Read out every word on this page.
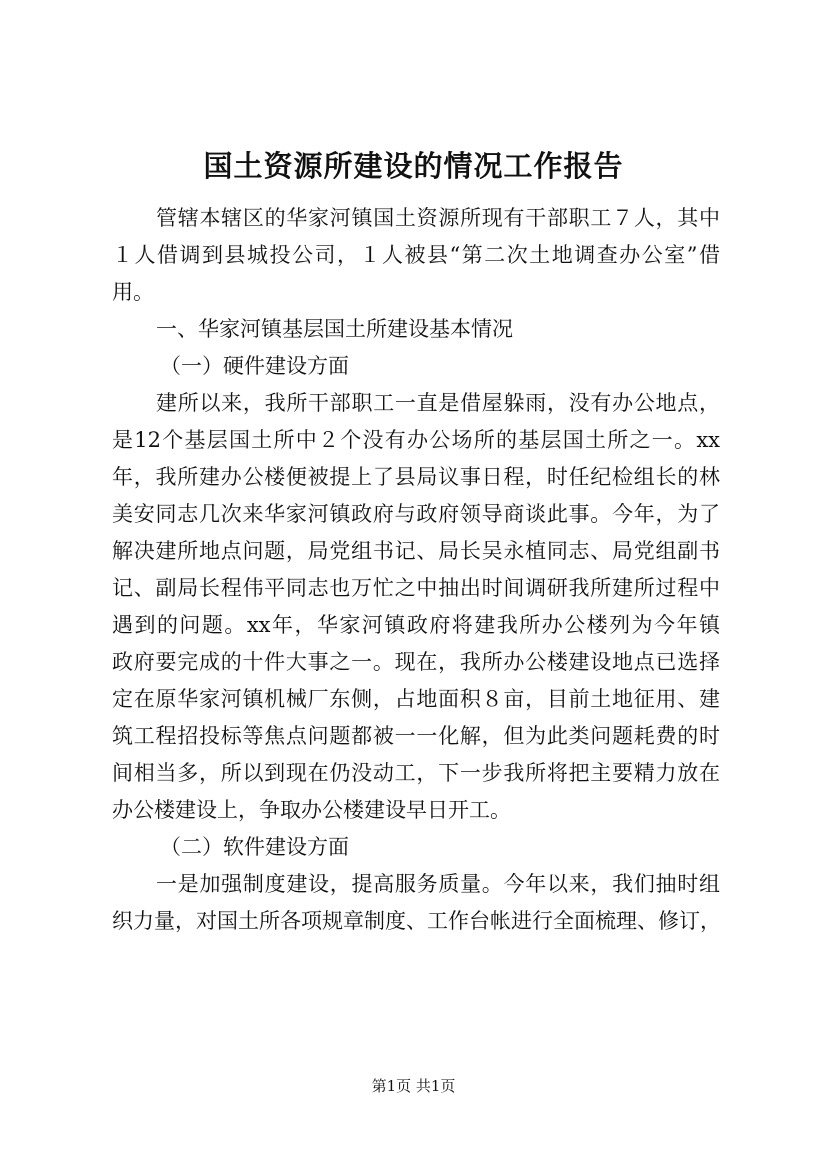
国土资源所建设的情况工作报告
管辖本辖区的华家河镇国土资源所现有干部职工７人，其中
１人借调到县城投公司，１人被县“第二次土地调查办公室”借
用。
一、华家河镇基层国土所建设基本情况
（一）硬件建设方面
建所以来，我所干部职工一直是借屋躲雨，没有办公地点，
是12个基层国土所中２个没有办公场所的基层国土所之一。xx
年，我所建办公楼便被提上了县局议事日程，时任纪检组长的林
美安同志几次来华家河镇政府与政府领导商谈此事。今年，为了
解决建所地点问题，局党组书记、局长吴永植同志、局党组副书
记、副局长程伟平同志也万忙之中抽出时间调研我所建所过程中
遇到的问题。xx年，华家河镇政府将建我所办公楼列为今年镇
政府要完成的十件大事之一。现在，我所办公楼建设地点已选择
定在原华家河镇机械厂东侧，占地面积８亩，目前土地征用、建
筑工程招投标等焦点问题都被一一化解，但为此类问题耗费的时
间相当多，所以到现在仍没动工，下一步我所将把主要精力放在
办公楼建设上，争取办公楼建设早日开工。
（二）软件建设方面
一是加强制度建设，提高服务质量。今年以来，我们抽时组
织力量，对国土所各项规章制度、工作台帐进行全面梳理、修订，
第1页 共1页
